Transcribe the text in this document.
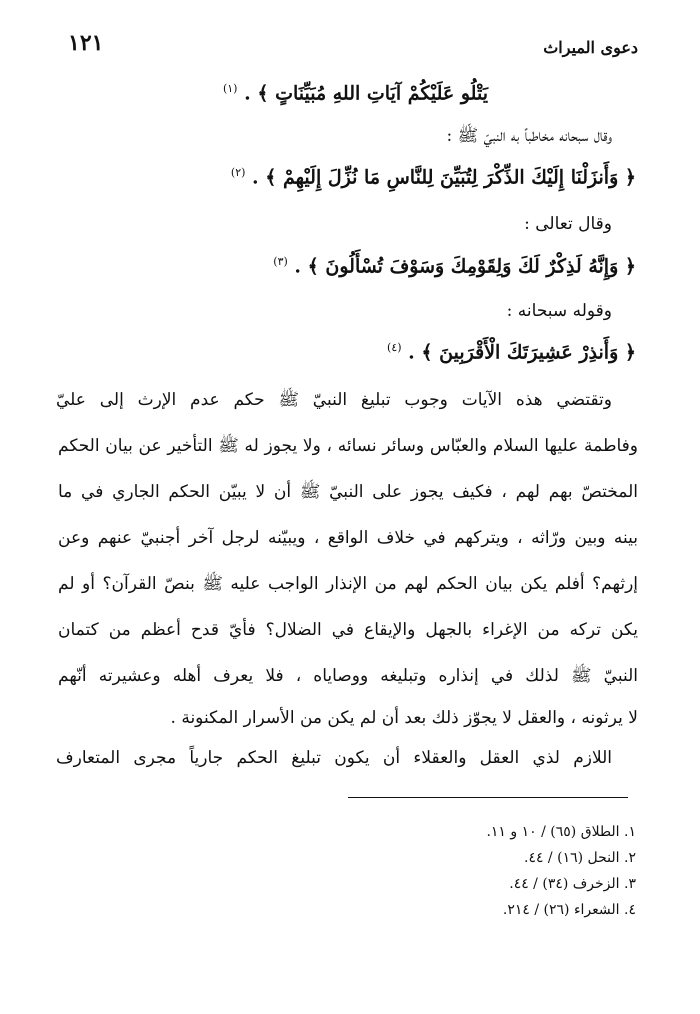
دعوى الميراث
١٢١
يَتْلُو عَلَيْكُمْ آيَاتِ اللهِ مُبَيِّنَاتٍ ﴾ . $^{(١)}$
وقال سبحانه مخاطباً به النبيّ ﷺ :
﴿ وَأَنزَلْنَا إِلَيْكَ الذِّكْرَ لِتُبَيِّنَ لِلنَّاسِ مَا نُزِّلَ إِلَيْهِمْ ﴾ . $^{(٢)}$
وقال تعالى :
﴿ وَإِنَّهُ لَذِكْرٌ لَكَ وَلِقَوْمِكَ وَسَوْفَ تُسْأَلُونَ ﴾ . $^{(٣)}$
وقوله سبحانه :
﴿ وَأَنذِرْ عَشِيرَتَكَ الْأَقْرَبِينَ ﴾ . $^{(٤)}$
وتقتضي هذه الآيات وجوب تبليغ النبيّ ﷺ حكم عدم الإرث إلى عليّ
وفاطمة عليها السلام والعبّاس وسائر نسائه ، ولا يجوز له ﷺ التأخير عن بيان الحكم
المختصّ بهم لهم ، فكيف يجوز على النبيّ ﷺ أن لا يبيّن الحكم الجاري في ما
بينه وبين ورّاثه ، ويتركهم في خلاف الواقع ، ويبيّنه لرجل آخر أجنبيّ عنهم وعن
إرثهم؟ أفلم يكن بيان الحكم لهم من الإنذار الواجب عليه ﷺ بنصّ القرآن؟ أو لم
يكن تركه من الإغراء بالجهل والإيقاع في الضلال؟ فأيّ قدح أعظم من كتمان
النبيّ ﷺ لذلك في إنذاره وتبليغه ووصاياه ، فلا يعرف أهله وعشيرته أنّهم
لا يرثونه ، والعقل لا يجوّز ذلك بعد أن لم يكن من الأسرار المكنونة .
اللازم لذي العقل والعقلاء أن يكون تبليغ الحكم جارياً مجرى المتعارف
١. الطلاق (٦٥) / ١٠ و ١١.
٢. النحل (١٦) / ٤٤.
٣. الزخرف (٣٤) / ٤٤.
٤. الشعراء (٢٦) / ٢١٤.
